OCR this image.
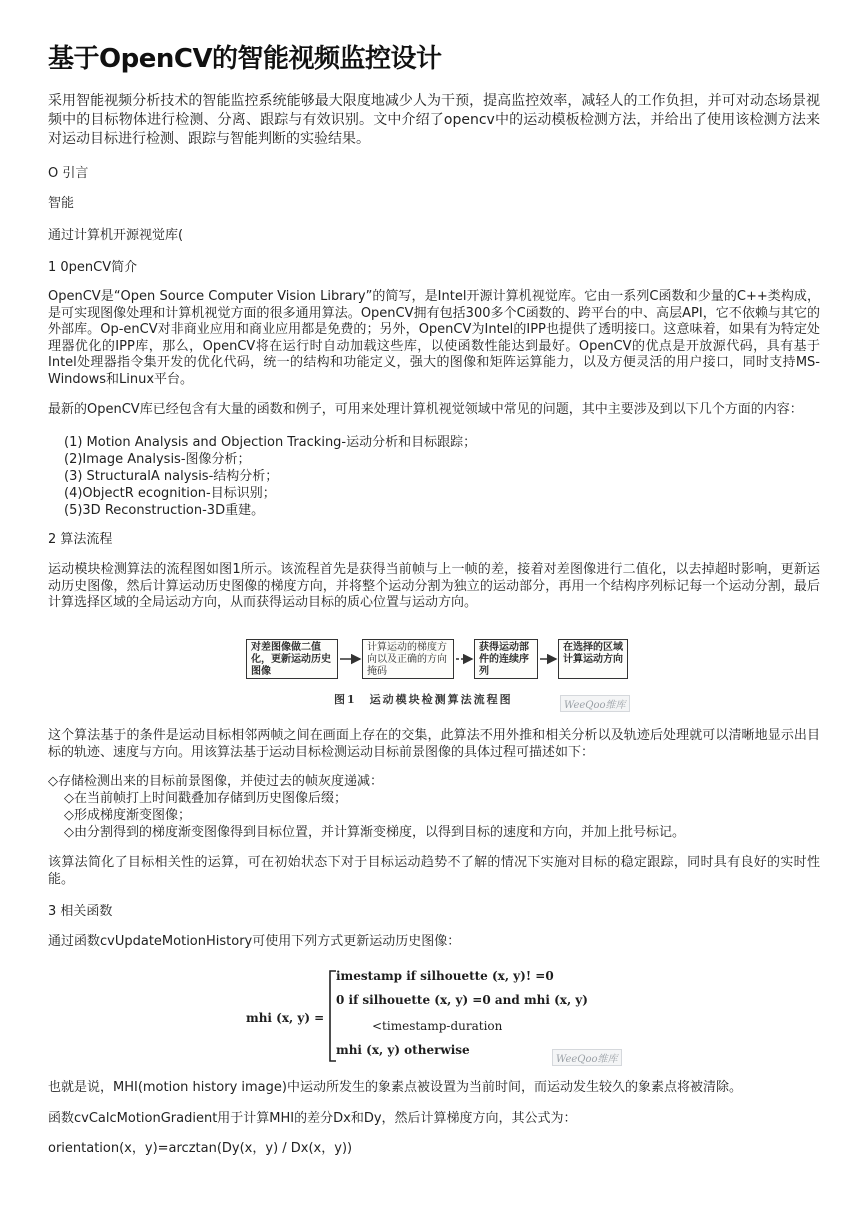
基于OpenCV的智能视频监控设计

采用智能视频分析技术的智能监控系统能够最大限度地减少人为干预，提高监控效率，减轻人的工作负担，并可对动态场景视频中的目标物体进行检测、分离、跟踪与有效识别。文中介绍了opencv中的运动模板检测方法，并给出了使用该检测方法来对运动目标进行检测、跟踪与智能判断的实验结果。

O 引言

智能

通过计算机开源视觉库(

1 0penCV简介

OpenCV是“Open Source Computer Vision Library”的简写，是Intel开源计算机视觉库。它由一系列C函数和少量的C++类构成，是可实现图像处理和计算机视觉方面的很多通用算法。OpenCV拥有包括300多个C函数的、跨平台的中、高层API，它不依赖与其它的外部库。Op-enCV对非商业应用和商业应用都是免费的；另外，OpenCV为Intel的IPP也提供了透明接口。这意味着，如果有为特定处理器优化的IPP库，那么，OpenCV将在运行时自动加载这些库，以使函数性能达到最好。OpenCV的优点是开放源代码，具有基于Intel处理器指令集开发的优化代码，统一的结构和功能定义，强大的图像和矩阵运算能力，以及方便灵活的用户接口，同时支持MS-Windows和Linux平台。

最新的OpenCV库已经包含有大量的函数和例子，可用来处理计算机视觉领域中常见的问题，其中主要涉及到以下几个方面的内容：

(1) Motion Analysis and Objection Tracking-运动分析和目标跟踪；

(2)Image Analysis-图像分析；

(3) StructuralA nalysis-结构分析；

(4)ObjectR ecognition-目标识别；

(5)3D Reconstruction-3D重建。

2 算法流程

运动模块检测算法的流程图如图1所示。该流程首先是获得当前帧与上一帧的差，接着对差图像进行二值化，以去掉超时影响，更新运动历史图像，然后计算运动历史图像的梯度方向，并将整个运动分割为独立的运动部分，再用一个结构序列标记每一个运动分割，最后计算选择区域的全局运动方向，从而获得运动目标的质心位置与运动方向。

对差图像做二值化，更新运动历史图像
计算运动的梯度方向以及正确的方向掩码
获得运动部件的连续序列
在选择的区域计算运动方向
图1　运动模块检测算法流程图	WeeQoo维库

这个算法基于的条件是运动目标相邻两帧之间在画面上存在的交集，此算法不用外推和相关分析以及轨迹后处理就可以清晰地显示出目标的轨迹、速度与方向。用该算法基于运动目标检测运动目标前景图像的具体过程可描述如下：

◇存储检测出来的目标前景图像，并使过去的帧灰度递减：

◇在当前帧打上时间戳叠加存储到历史图像后缀；

◇形成梯度渐变图像；

◇由分割得到的梯度渐变图像得到目标位置，并计算渐变梯度，以得到目标的速度和方向，并加上批号标记。

该算法简化了目标相关性的运算，可在初始状态下对于目标运动趋势不了解的情况下实施对目标的稳定跟踪，同时具有良好的实时性能。

3 相关函数

通过函数cvUpdateMotionHistory可使用下列方式更新运动历史图像：

mhi (x, y) =
imestamp if silhouette (x, y)! =0
0 if silhouette (x, y) =0 and mhi (x, y)
<timestamp-duration
mhi (x, y) otherwise
WeeQoo维库

也就是说，MHI(motion history image)中运动所发生的象素点被设置为当前时间，而运动发生较久的象素点将被清除。

函数cvCalcMotionGradient用于计算MHI的差分Dx和Dy，然后计算梯度方向，其公式为：

orientation(x，y)=arcztan(Dy(x，y) / Dx(x，y))
